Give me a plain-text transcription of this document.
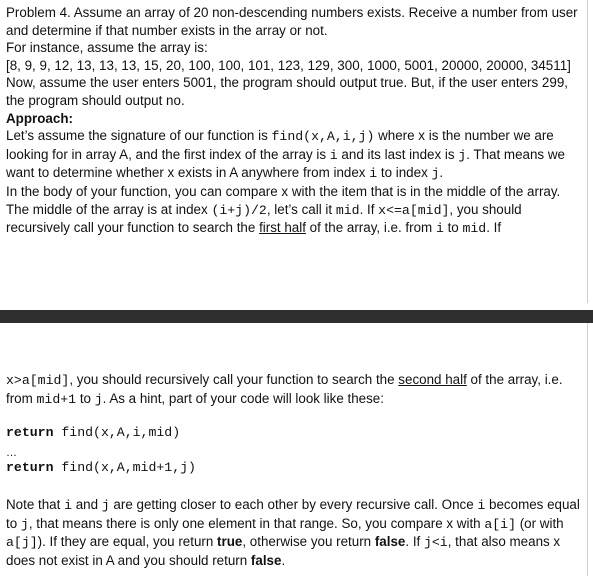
Problem 4. Assume an array of 20 non-descending numbers exists. Receive a number from user
and determine if that number exists in the array or not.
For instance, assume the array is:
[8, 9, 9, 12, 13, 13, 13, 15, 20, 100, 100, 101, 123, 129, 300, 1000, 5001, 20000, 20000, 34511]
Now, assume the user enters 5001, the program should output true. But, if the user enters 299,
the program should output no.
Approach:
Let’s assume the signature of our function is find(x,A,i,j) where x is the number we are
looking for in array A, and the first index of the array is i and its last index is j. That means we
want to determine whether x exists in A anywhere from index i to index j.
In the body of your function, you can compare x with the item that is in the middle of the array.
The middle of the array is at index (i+j)/2, let’s call it mid. If x<=a[mid], you should
recursively call your function to search the first half of the array, i.e. from i to mid. If
x>a[mid], you should recursively call your function to search the second half of the array, i.e.
from mid+1 to j. As a hint, part of your code will look like these:
return find(x,A,i,mid)
…
return find(x,A,mid+1,j)
Note that i and j are getting closer to each other by every recursive call. Once i becomes equal
to j, that means there is only one element in that range. So, you compare x with a[i] (or with
a[j]). If they are equal, you return true, otherwise you return false. If j<i, that also means x
does not exist in A and you should return false.
